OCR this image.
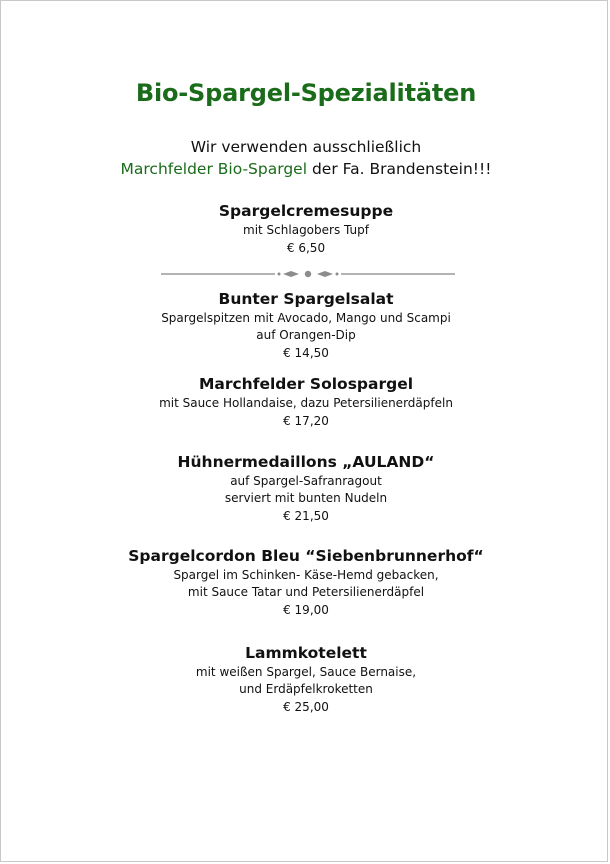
Bio-Spargel-Spezialitäten
Wir verwenden ausschließlich
Marchfelder Bio-Spargel der Fa. Brandenstein!!!
Spargelcremesuppe
mit Schlagobers Tupf
€ 6,50
Bunter Spargelsalat
Spargelspitzen mit Avocado, Mango und Scampi
auf Orangen-Dip
€ 14,50
Marchfelder Solospargel
mit Sauce Hollandaise, dazu Petersilienerdäpfeln
€ 17,20
Hühnermedaillons „AULAND“
auf Spargel-Safranragout
serviert mit bunten Nudeln
€ 21,50
Spargelcordon Bleu “Siebenbrunnerhof“
Spargel im Schinken- Käse-Hemd gebacken,
mit Sauce Tatar und Petersilienerdäpfel
€ 19,00
Lammkotelett
mit weißen Spargel, Sauce Bernaise,
und Erdäpfelkroketten
€ 25,00
